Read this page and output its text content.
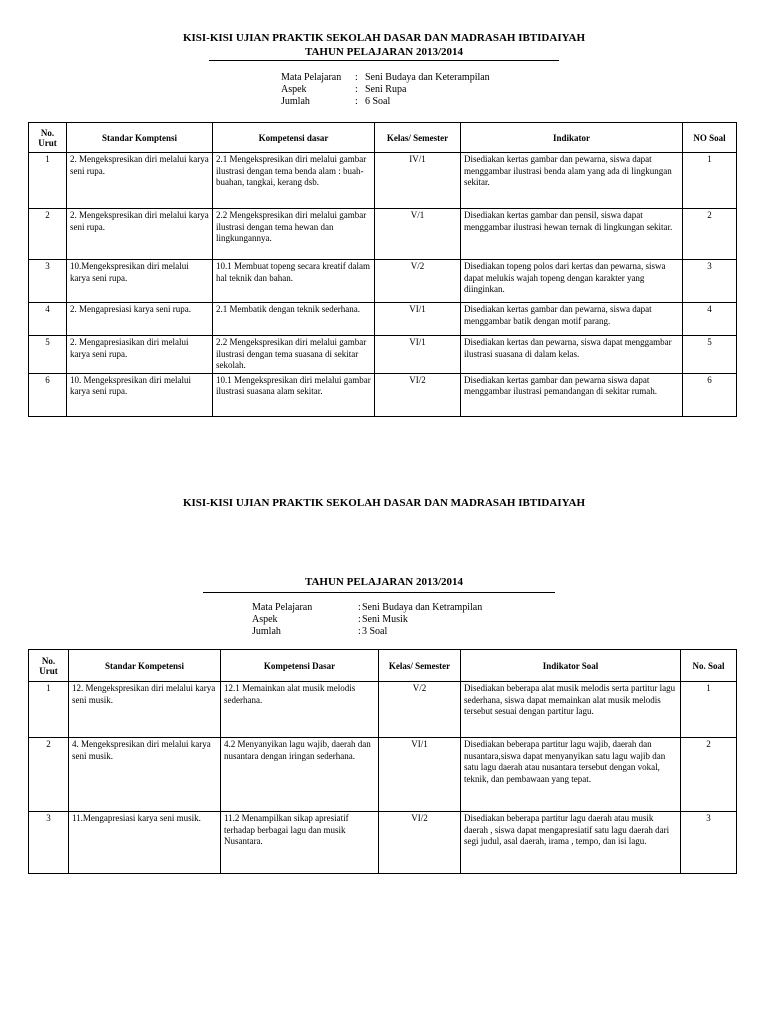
KISI-KISI UJIAN PRAKTIK SEKOLAH DASAR DAN MADRASAH IBTIDAIYAH
TAHUN PELAJARAN 2013/2014
Mata Pelajaran : Seni Budaya dan Keterampilan
Aspek	: Seni Rupa
Jumlah	: 6 Soal
No. Urut	Standar Komptensi	Kompetensi dasar	Kelas/ Semester	Indikator	NO Soal
1	2. Mengekspresikan diri melalui karya seni rupa.	2.1 Mengekspresikan diri melalui gambar ilustrasi dengan tema benda alam : buah-buahan, tangkai, kerang dsb.	IV/1	Disediakan kertas gambar dan pewarna, siswa dapat menggambar ilustrasi benda alam yang ada di lingkungan sekitar.	1
2	2. Mengekspresikan diri melalui karya seni rupa.	2.2 Mengekspresikan diri melalui gambar ilustrasi dengan tema hewan dan lingkungannya.	V/1	Disediakan kertas gambar dan pensil, siswa dapat menggambar ilustrasi hewan ternak di lingkungan sekitar.	2
3	10.Mengekspresikan diri melalui karya seni rupa.	10.1 Membuat topeng secara kreatif dalam hal teknik dan bahan.	V/2	Disediakan topeng polos dari kertas dan pewarna, siswa dapat melukis wajah topeng dengan karakter yang diinginkan.	3
4	2. Mengapresiasi karya seni rupa.	2.1 Membatik dengan teknik sederhana.	VI/1	Disediakan kertas gambar dan pewarna, siswa dapat menggambar batik dengan motif parang.	4
5	2. Mengapresiasikan diri melalui karya seni rupa.	2.2 Mengekspresikan diri melalui gambar ilustrasi dengan tema suasana di sekitar sekolah.	VI/1	Disediakan kertas dan pewarna, siswa dapat menggambar ilustrasi suasana di dalam kelas.	5
6	10. Mengekspresikan diri melalui karya seni rupa.	10.1 Mengekspresikan diri melalui gambar ilustrasi suasana alam sekitar.	VI/2	Disediakan kertas gambar dan pewarna siswa dapat menggambar ilustrasi pemandangan di sekitar rumah.	6
KISI-KISI UJIAN PRAKTIK SEKOLAH DASAR DAN MADRASAH IBTIDAIYAH
TAHUN PELAJARAN 2013/2014
Mata Pelajaran	:Seni Budaya dan Ketrampilan
Aspek	:Seni Musik
Jumlah	:3 Soal
No. Urut	Standar Kompetensi	Kompetensi Dasar	Kelas/ Semester	Indikator Soal	No. Soal
1	12. Mengekspresikan diri melalui karya seni musik.	12.1 Memainkan alat musik melodis sederhana.	V/2	Disediakan beberapa alat musik melodis serta partitur lagu sederhana, siswa dapat memainkan alat musik melodis tersebut sesuai dengan partitur lagu.	1
2	4. Mengekspresikan diri melalui karya seni musik.	4.2 Menyanyikan lagu wajib, daerah dan nusantara dengan iringan sederhana.	VI/1	Disediakan beberapa partitur lagu wajib, daerah dan nusantara,siswa dapat menyanyikan satu lagu wajib dan satu lagu daerah atau nusantara tersebut dengan vokal, teknik, dan pembawaan yang tepat.	2
3	11.Mengapresiasi karya seni musik.	11.2 Menampilkan sikap apresiatif terhadap berbagai lagu dan musik Nusantara.	VI/2	Disediakan beberapa partitur lagu daerah atau musik daerah , siswa dapat mengapresiatif satu lagu daerah dari segi judul, asal daerah, irama , tempo, dan isi lagu.	3
